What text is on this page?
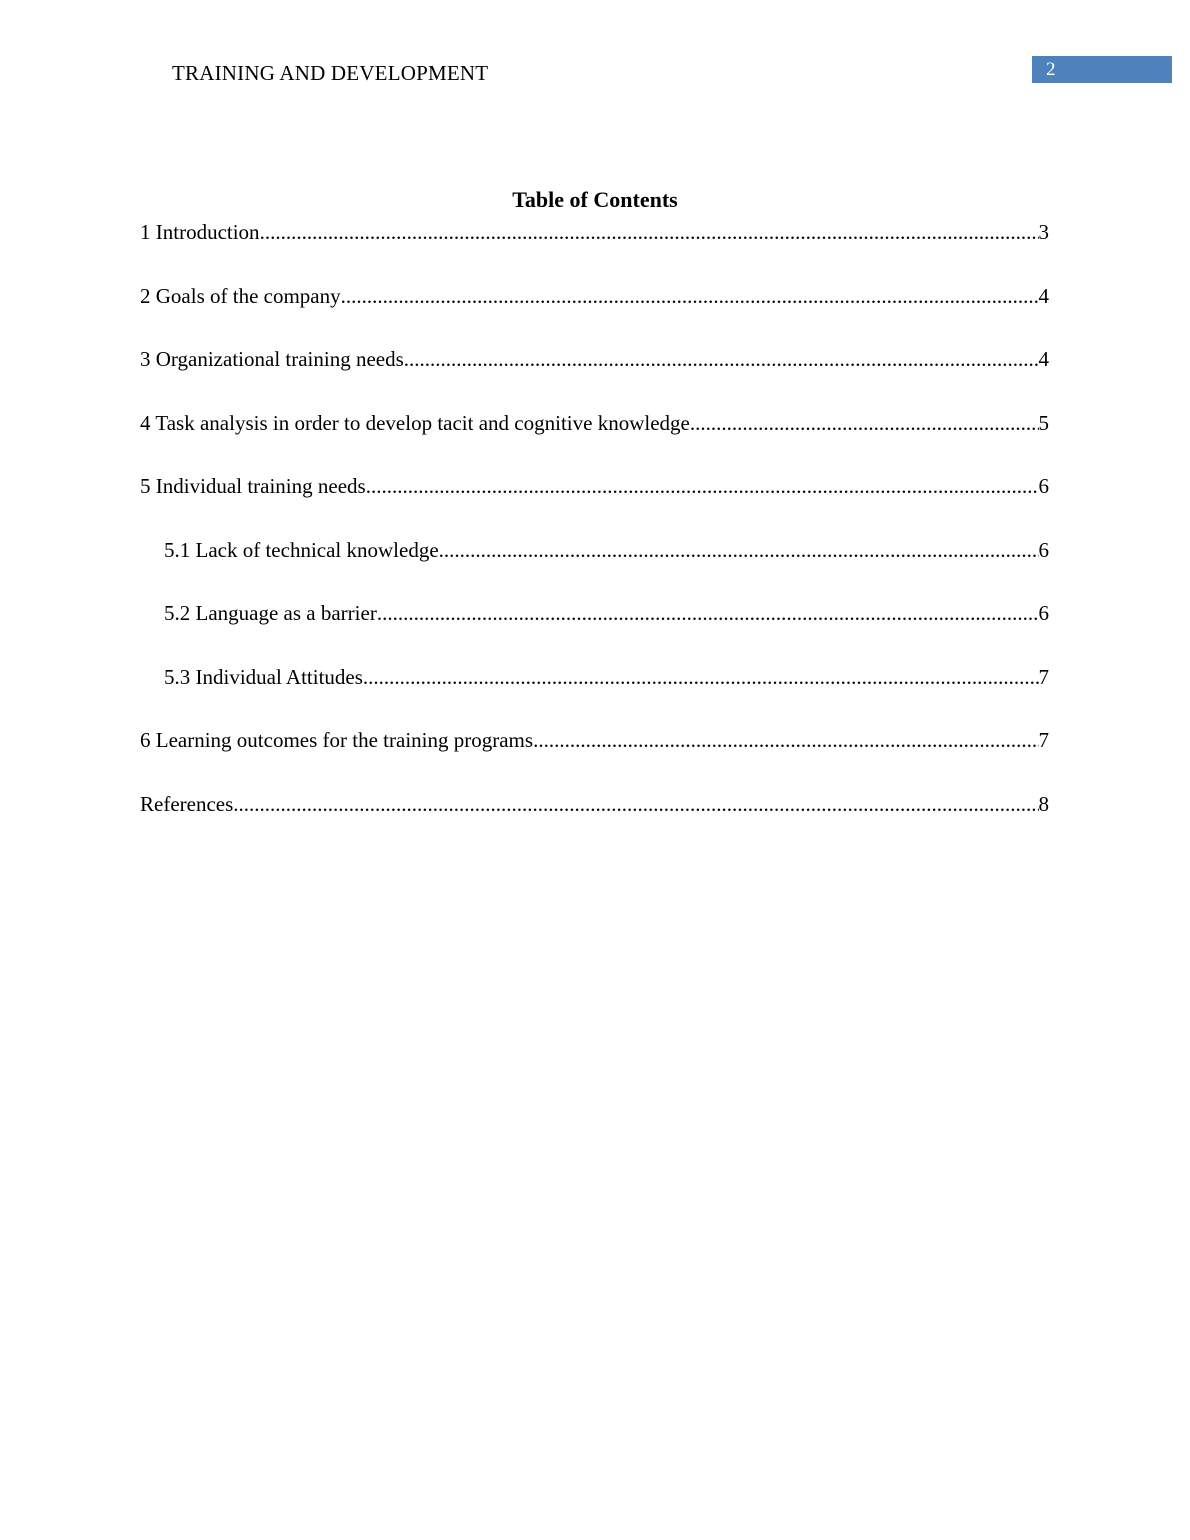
TRAINING AND DEVELOPMENT	2
Table of Contents
1 Introduction .....	3
2 Goals of the company .....	4
3 Organizational training needs .....	4
4 Task analysis in order to develop tacit and cognitive knowledge .....	5
5 Individual training needs .....	6
5.1 Lack of technical knowledge .....	6
5.2 Language as a barrier .....	6
5.3 Individual Attitudes .....	7
6 Learning outcomes for the training programs .....	7
References .....	8
